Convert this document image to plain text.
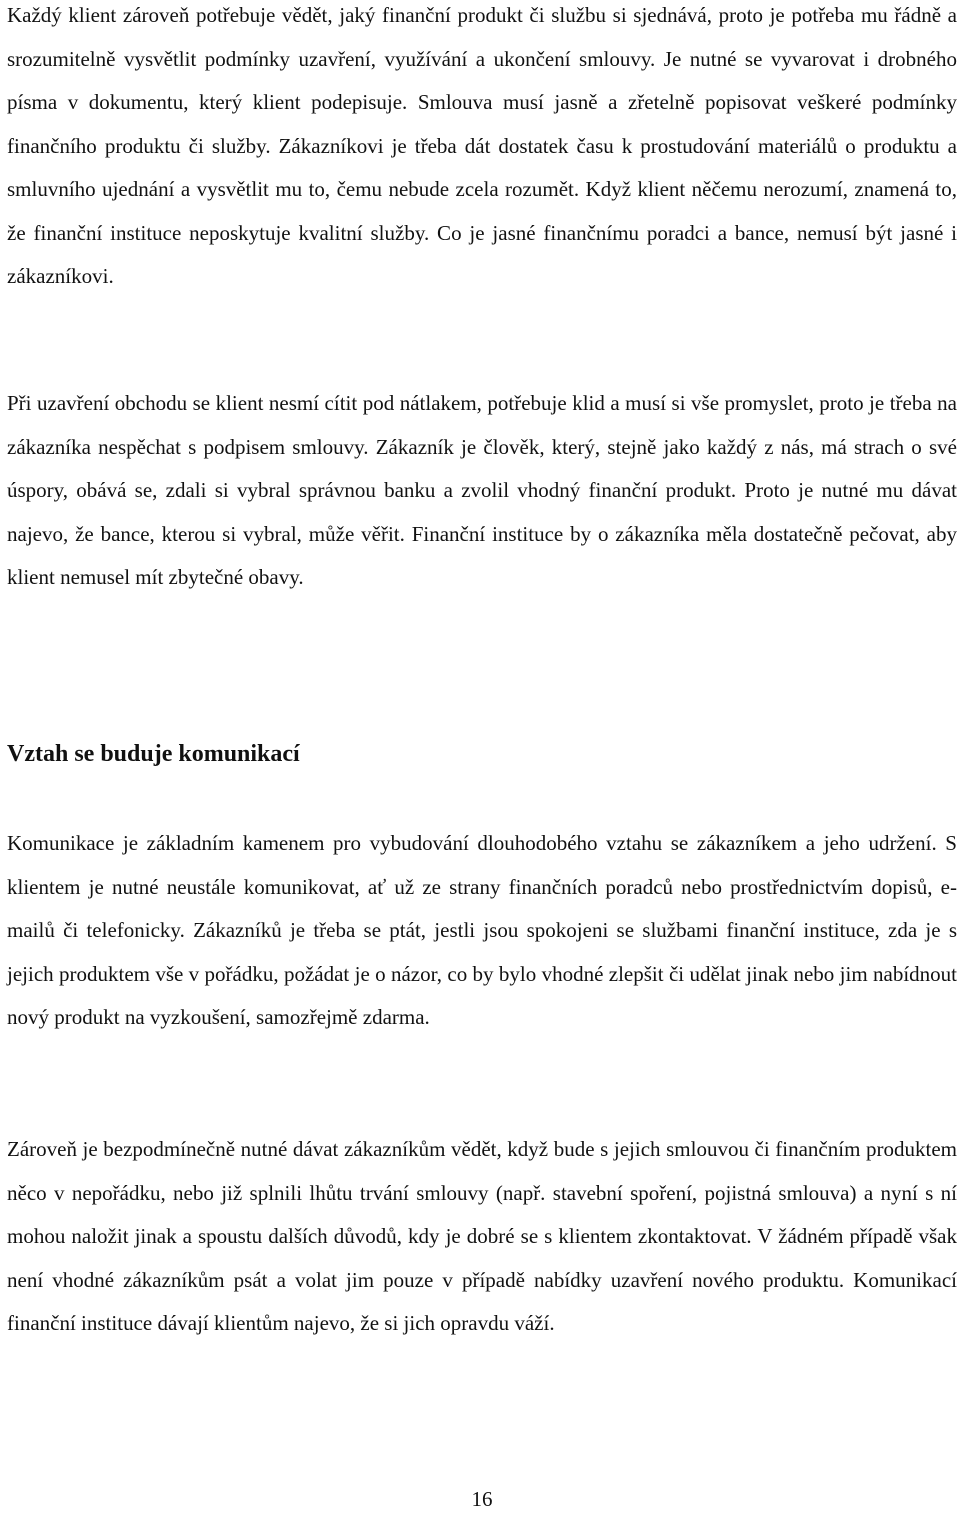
Každý klient zároveň potřebuje vědět, jaký finanční produkt či službu si sjednává, proto je potřeba mu řádně a srozumitelně vysvětlit podmínky uzavření, využívání a ukončení smlouvy. Je nutné se vyvarovat i drobného písma v dokumentu, který klient podepisuje. Smlouva musí jasně a zřetelně popisovat veškeré podmínky finančního produktu či služby. Zákazníkovi je třeba dát dostatek času k prostudování materiálů o produktu a smluvního ujednání a vysvětlit mu to, čemu nebude zcela rozumět. Když klient něčemu nerozumí, znamená to, že finanční instituce neposkytuje kvalitní služby. Co je jasné finančnímu poradci a bance, nemusí být jasné i zákazníkovi.

Při uzavření obchodu se klient nesmí cítit pod nátlakem, potřebuje klid a musí si vše promyslet, proto je třeba na zákazníka nespěchat s podpisem smlouvy. Zákazník je člověk, který, stejně jako každý z nás, má strach o své úspory, obává se, zdali si vybral správnou banku a zvolil vhodný finanční produkt. Proto je nutné mu dávat najevo, že bance, kterou si vybral, může věřit. Finanční instituce by o zákazníka měla dostatečně pečovat, aby klient nemusel mít zbytečné obavy.

Vztah se buduje komunikací

Komunikace je základním kamenem pro vybudování dlouhodobého vztahu se zákazníkem a jeho udržení. S klientem je nutné neustále komunikovat, ať už ze strany finančních poradců nebo prostřednictvím dopisů, e-mailů či telefonicky. Zákazníků je třeba se ptát, jestli jsou spokojeni se službami finanční instituce, zda je s jejich produktem vše v pořádku, požádat je o názor, co by bylo vhodné zlepšit či udělat jinak nebo jim nabídnout nový produkt na vyzkoušení, samozřejmě zdarma.

Zároveň je bezpodmínečně nutné dávat zákazníkům vědět, když bude s jejich smlouvou či finančním produktem něco v nepořádku, nebo již splnili lhůtu trvání smlouvy (např. stavební spoření, pojistná smlouva) a nyní s ní mohou naložit jinak a spoustu dalších důvodů, kdy je dobré se s klientem zkontaktovat. V žádném případě však není vhodné zákazníkům psát a volat jim pouze v případě nabídky uzavření nového produktu. Komunikací finanční instituce dávají klientům najevo, že si jich opravdu váží.

16
